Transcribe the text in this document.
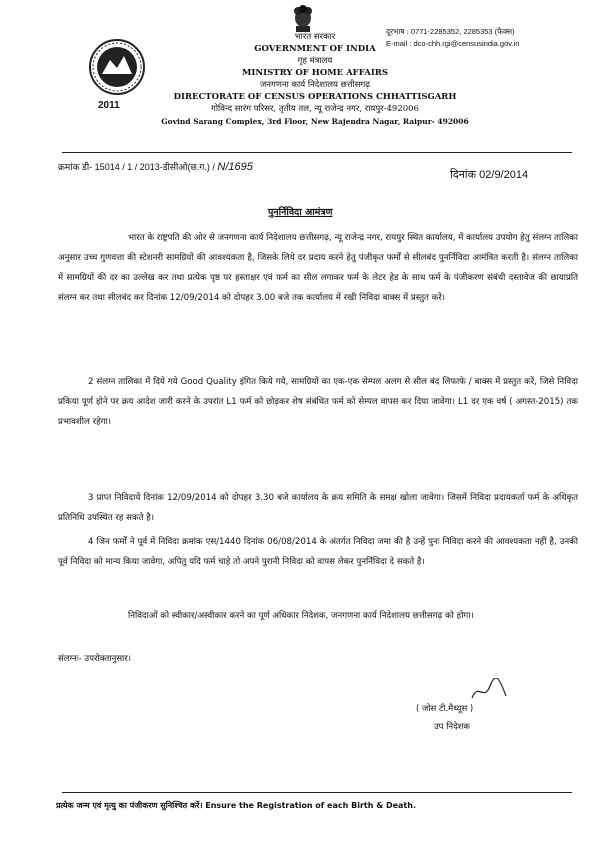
2011
दूरभाष : 0771-2285352, 2285353 (फैक्स)
E-mail : dco-chh.rgi@censusindia.gov.in
भारत सरकार
GOVERNMENT OF INDIA
गृह मंत्रालय
MINISTRY OF HOME AFFAIRS
जनगणना कार्य निदेशालय छत्तीसगढ़
DIRECTORATE OF CENSUS OPERATIONS CHHATTISGARH
गोविन्द सारंग परिसर, तृतीय तल, न्यू राजेन्द्र नगर, रायपुर-492006
Govind Sarang Complex, 3rd Floor, New Rajendra Nagar, Raipur- 492006
क्रमांक डी- 15014 / 1 / 2013-डीसीओ(छ.ग.) / N/1695
दिनांक 02/9/2014
पुनर्निविदा आमंत्रण
भारत के राष्ट्रपति की ओर से जनगणना कार्य निदेशालय छत्तीसगढ़, न्यू राजेन्द्र नगर, रायपुर स्थित कार्यालय, में कार्यालय उपयोग हेतु संलग्न तालिका अनुसार उच्च गुणवत्ता की स्टेशनरी सामग्रियों की आवश्यकता है, जिसके लिये दर प्रदाय करने हेतु पंजीकृत फर्मों से सीलबंद पुनर्निविदा आमंत्रित करती है। संलग्न तालिका में सामग्रियों की दर का उल्लेख कर तथा प्रत्येक पृष्ठ पर हस्ताक्षर एवं फर्म का सील लगाकर फर्म के लेटर हेड के साथ फर्म के पंजीकरण संबंधी दस्तावेज की छायाप्रति संलग्न कर तथा सीलबंद कर दिनांक 12/09/2014 को दोपहर 3.00 बजे तक कार्यालय में रखी निविदा बाक्स में प्रस्तुत करें।
2 संलग्न तालिका में दिये गये Good Quality इंगित किये गये, सामग्रियों का एक-एक सेम्पल अलग से सील बंद लिफाफे / बाक्स में प्रस्तुत करें, जिसे निविदा प्रकिया पूर्ण होने पर क्रय आदेश जारी करने के उपरांत L1 फर्म को छोड़कर शेष संबंधित फर्म को सेम्पल वापस कर दिया जावेगा। L1 दर एक वर्ष ( अगस्त-2015) तक प्रभावशील रहेगा।
3 प्राप्त निविदायें दिनांक 12/09/2014 को दोपहर 3.30 बजे कार्यालय के क्रय समिति के समक्ष खोला जावेगा। जिसमें निविदा प्रदायकर्ता फर्म के अधिकृत प्रतिनिधि उपस्थित रह सकते है।
4 जिन फर्मों ने पूर्व में निविदा क्रमांक एस/1440 दिनांक 06/08/2014 के अंतर्गत निविदा जमा की है उन्हें पुनः निविदा करने की आवश्यकता नहीं है, उनकी पूर्व निविदा को मान्य किया जावेगा, अपितु यदि फर्म चाहे तो अपने पुरानी निविदा को वापस लेकर पुनर्निविदा दे सकते है।
निविदाओं को स्वीकार/अस्वीकार करने का पूर्ण अधिकार निदेशक, जनगणना कार्य निदेशालय छत्तीसगढ़ को होगा।
संलग्नः- उपरोक्तानुसार।
( जोस टी.मैथ्यूस )
उप निदेशक
प्रत्येक जन्म एवं मृत्यु का पंजीकरण सुनिश्चित करें। Ensure the Registration of each Birth & Death.
